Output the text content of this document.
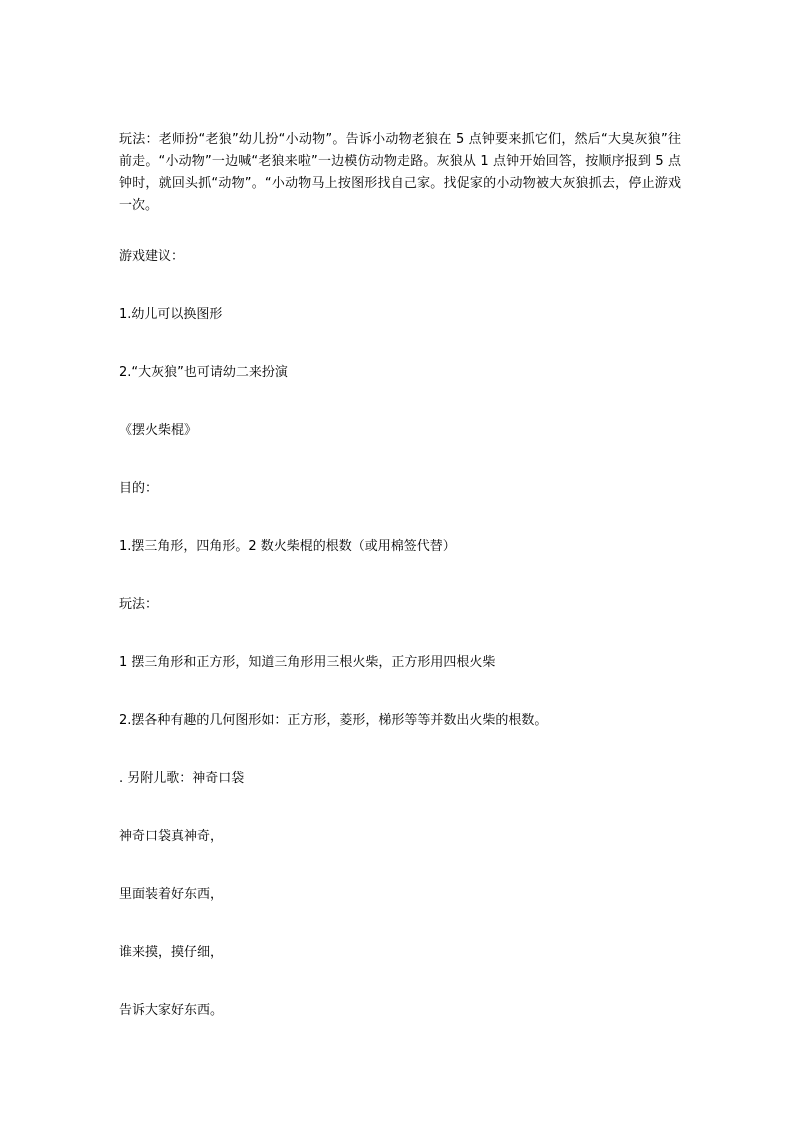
玩法：老师扮“老狼”幼儿扮“小动物”。告诉小动物老狼在 5 点钟要来抓它们，然后“大臭灰狼”往前走。“小动物”一边喊“老狼来啦”一边模仿动物走路。灰狼从 1 点钟开始回答，按顺序报到 5 点钟时，就回头抓“动物”。“小动物马上按图形找自己家。找促家的小动物被大灰狼抓去，停止游戏一次。

游戏建议：

1.幼儿可以换图形

2.“大灰狼”也可请幼二来扮演

《摆火柴棍》

目的：

1.摆三角形，四角形。2 数火柴棍的根数（或用棉签代替）

玩法：

1 摆三角形和正方形，知道三角形用三根火柴，正方形用四根火柴

2.摆各种有趣的几何图形如：正方形，菱形，梯形等等并数出火柴的根数。

. 另附儿歌：神奇口袋

神奇口袋真神奇，

里面装着好东西，

谁来摸，摸仔细，

告诉大家好东西。
